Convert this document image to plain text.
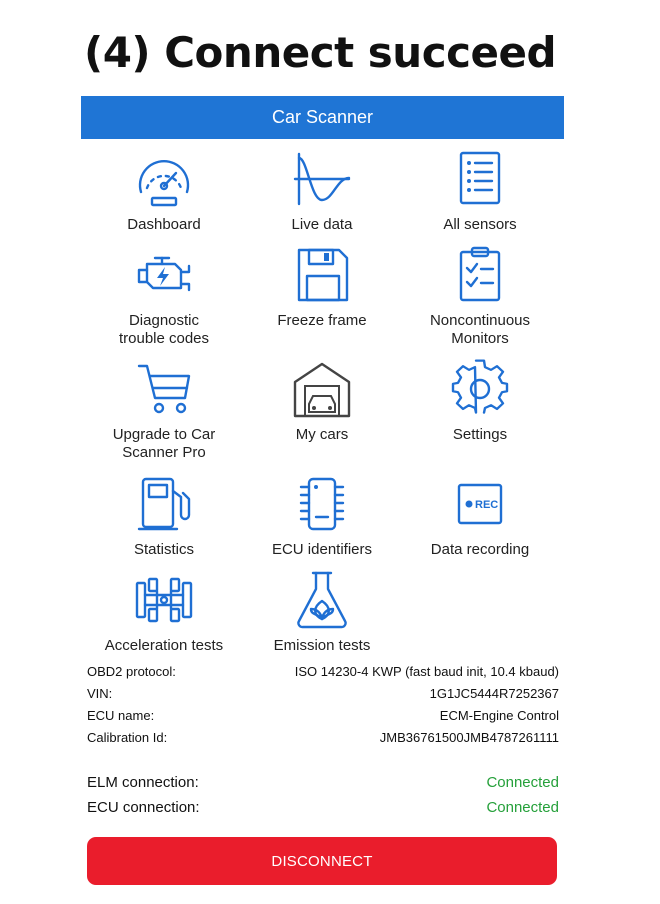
(4) Connect succeed
Car Scanner
Dashboard	Live data	All sensors
Diagnostic
trouble codes
Freeze frame	Noncontinuous
Monitors
Upgrade to Car
Scanner Pro
My cars	Settings
Statistics	ECU identifiers
REC
Data recording
Acceleration tests	Emission tests
OBD2 protocol:	ISO 14230-4 KWP (fast baud init, 10.4 kbaud)
VIN:	1G1JC5444R7252367
ECU name:	ECM-Engine Control
Calibration Id:	JMB36761500JMB4787261111
ELM connection:	Connected
ECU connection:	Connected
DISCONNECT
